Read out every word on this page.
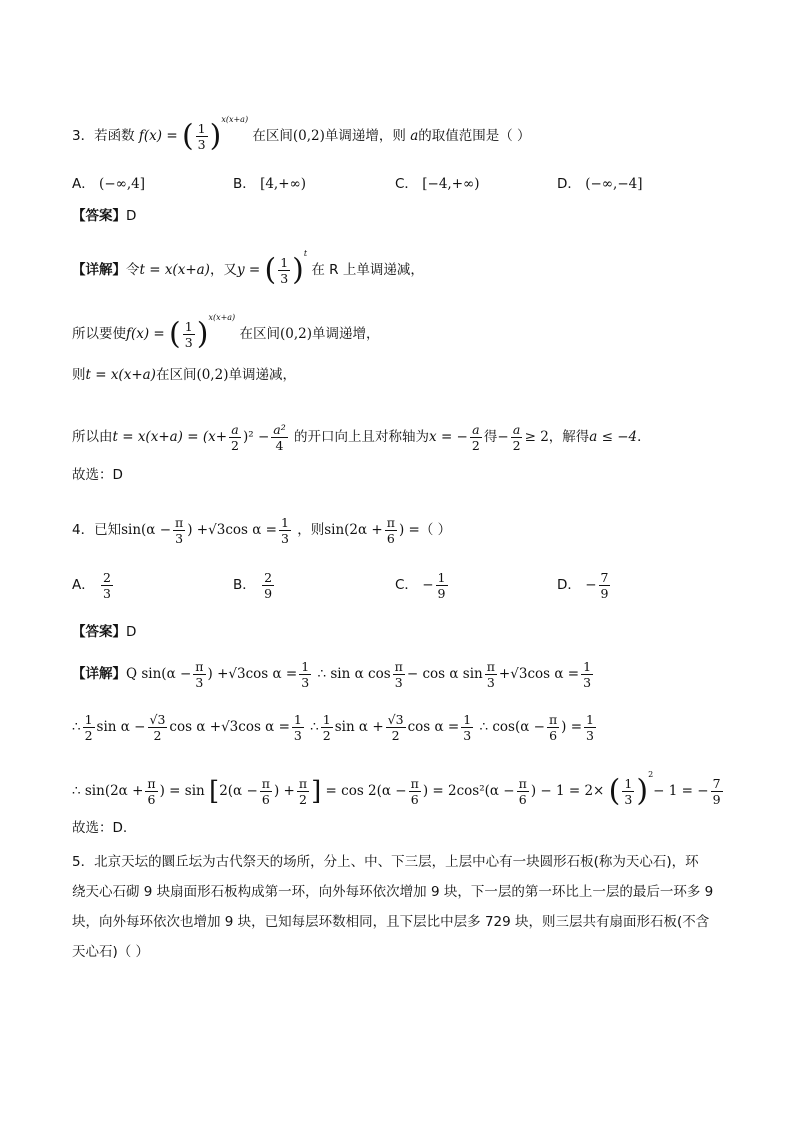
3．若函数 f(x) = ( $\frac{1}{3} )^{x(x+a)}$ 在区间(0,2)单调递增，则 a的取值范围是（ ）
A． (−∞,4]	B． [4,+∞)	C． [−4,+∞)	D． (−∞,−4]
【答案】D
【详解】令t = x(x+a)，又y = ( $\frac{1}{3} )^t$ 在 R 上单调递减，
所以要使f(x) = ( $\frac{1}{3} )^{x(x+a)}$ 在区间(0,2)单调递增，
则t = x(x+a)在区间(0,2)单调递减，
所以由$t = x(x+a) = (x+ \frac{a}{2} )^2 - \frac{\text{a²}}{4}$ 的开口向上且对称轴为x = − $\frac{a}{2}$ 得− $\frac{a}{2} \ge 2$，解得a ≤ −4．
故选：D
4．已知$\sin(\alpha - \frac{\pi}{3}$ ) +√3cos $\alpha = \frac{1}{3}$ ，则$\sin(2\alpha + \frac{\pi}{6}$ ) =（ ）
A． $\frac{2}{3}$	B． $\frac{2}{9}$	C． − $\frac{1}{9}$	D． − $\frac{7}{9}$
【答案】D
【详解】Q $\sin(\alpha - \frac{\pi}{3}$ ) +√3cos $\alpha = \frac{1}{3}$ ∴ sin α $\cos \frac{\pi}{3} - \cos \alpha$ $\sin \frac{\pi}{3} +√3\cos$ $\alpha = \frac{1}{3}$
∴ $\frac{1}{2}$ $\sin \alpha - \frac{√3}{2}$ cos α +√3cos $\alpha = \frac{1}{3}$ ∴ $\frac{1}{2}$ $\sin \alpha + \frac{√3}{2}$ $\cos \alpha = \frac{1}{3}$ ∴ $\cos(\alpha - \frac{\pi}{6}$ ) = $\frac{1}{3}$
∴ $\sin(2\alpha + \frac{\pi}{6}$ ) = $\sin [2(\alpha - \frac{\pi}{6}$ ) + $\frac{\pi}{2}$ ] = $\cos 2(\alpha - \frac{\pi}{6}$ ) = $2\cos^2(\alpha - \frac{\pi}{6}$ ) − 1 = 2× ( $\frac{1}{3} )^2- 1$ = − $\frac{7}{9}$
故选：D.
5．北京天坛的圜丘坛为古代祭天的场所，分上、中、下三层，上层中心有一块圆形石板(称为天心石)，环
绕天心石砌 9 块扇面形石板构成第一环，向外每环依次增加 9 块，下一层的第一环比上一层的最后一环多 9
块，向外每环依次也增加 9 块，已知每层环数相同，且下层比中层多 729 块，则三层共有扇面形石板(不含
天心石)（ ）
